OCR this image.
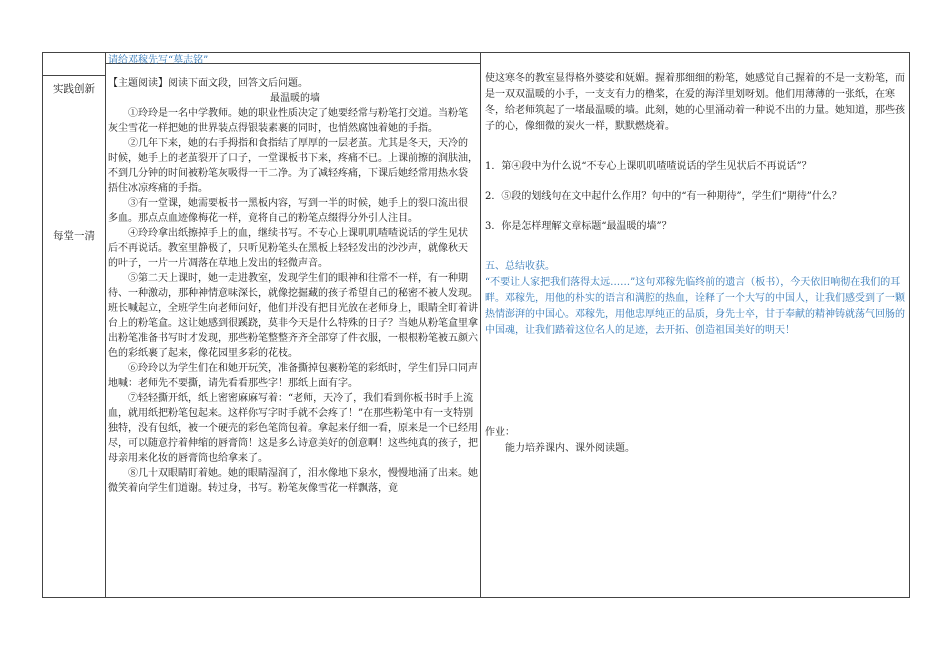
实践创新
每堂一清

请给邓稼先写“墓志铭”

【主题阅读】阅读下面文段，回答文后问题。

最温暖的墙

①玲玲是一名中学教师。她的职业性质决定了她要经常与粉笔打交道。当粉笔

灰尘雪花一样把她的世界装点得银装素裹的同时，也悄然腐蚀着她的手指。

②几年下来，她的右手拇指和食指结了厚厚的一层老茧。尤其是冬天，天冷的

时候，她手上的老茧裂开了口子，一堂课板书下来，疼痛不已。上课前擦的润肤油，

不到几分钟的时间被粉笔灰吸得一干二净。为了减轻疼痛，下课后她经常用热水袋

捂住冰凉疼痛的手指。

③有一堂课，她需要板书一黑板内容，写到一半的时候，她手上的裂口流出很

多血。那点点血迹像梅花一样，竟将自己的粉笔点缀得分外引人注目。

④玲玲拿出纸擦掉手上的血，继续书写。不专心上课叽叽喳喳说话的学生见状

后不再说话。教室里静极了，只听见粉笔头在黑板上轻轻发出的沙沙声，就像秋天

的叶子，一片一片凋落在草地上发出的轻微声音。

⑤第二天上课时，她一走进教室，发现学生们的眼神和往常不一样，有一种期待、一种激动，那种神情意味深长，就像挖掘藏的孩子希望自己的秘密不被人发现。班长喊起立，全班学生向老师问好，他们并没有把目光放在老师身上，眼睛全盯着讲台上的粉笔盒。这让她感到很蹊跷，莫非今天是什么特殊的日子？当她从粉笔盒里拿出粉笔准备书写时才发现，那些粉笔整整齐齐全部穿了件衣服，一根根粉笔被五颜六色的彩纸裹了起来，像花园里多彩的花枝。

⑥玲玲以为学生们在和她开玩笑，准备撕掉包裹粉笔的彩纸时，学生们异口同声地喊：老师先不要撕，请先看看那些字！那纸上面有字。

⑦轻轻撕开纸，纸上密密麻麻写着：“老师，天冷了，我们看到你板书时手上流血，就用纸把粉笔包起来。这样你写字时手就不会疼了！”在那些粉笔中有一支特别独特，没有包纸，被一个硬壳的彩色笔筒包着。拿起来仔细一看，原来是一个已经用尽，可以随意拧着伸缩的唇膏筒！这是多么诗意美好的创意啊！这些纯真的孩子，把母亲用来化妆的唇膏筒也给拿来了。

⑧几十双眼睛盯着她。她的眼睛湿润了，泪水像地下泉水，慢慢地涌了出来。她微笑着向学生们道谢。转过身，书写。粉笔灰像雪花一样飘落，竟

使这寒冬的教室显得格外婆娑和妩媚。握着那细细的粉笔，她感觉自己握着的不是一支粉笔，而是一双双温暖的小手，一支支有力的橹桨，在爱的海洋里划呀划。他们用薄薄的一张纸，在寒冬，给老师筑起了一堵最温暖的墙。此刻，她的心里涌动着一种说不出的力量。她知道，那些孩子的心，像细微的炭火一样，默默燃烧着。

1．第④段中为什么说“不专心上课叽叽喳喳说话的学生见状后不再说话”？

2．⑤段的划线句在文中起什么作用？句中的“有一种期待”，学生们“期待”什么？

3．你是怎样理解文章标题“最温暖的墙”？

五、总结收获。

“不要让人家把我们落得太远……”这句邓稼先临终前的遗言（板书），今天依旧响彻在我们的耳畔。邓稼先，用他的朴实的语言和满腔的热血，诠释了一个大写的中国人，让我们感受到了一颗热情澎湃的中国心。邓稼先，用他忠厚纯正的品质，身先士卒，甘于奉献的精神铸就荡气回肠的中国魂，让我们踏着这位名人的足迹，去开拓、创造祖国美好的明天！

作业：

能力培养课内、课外阅读题。
